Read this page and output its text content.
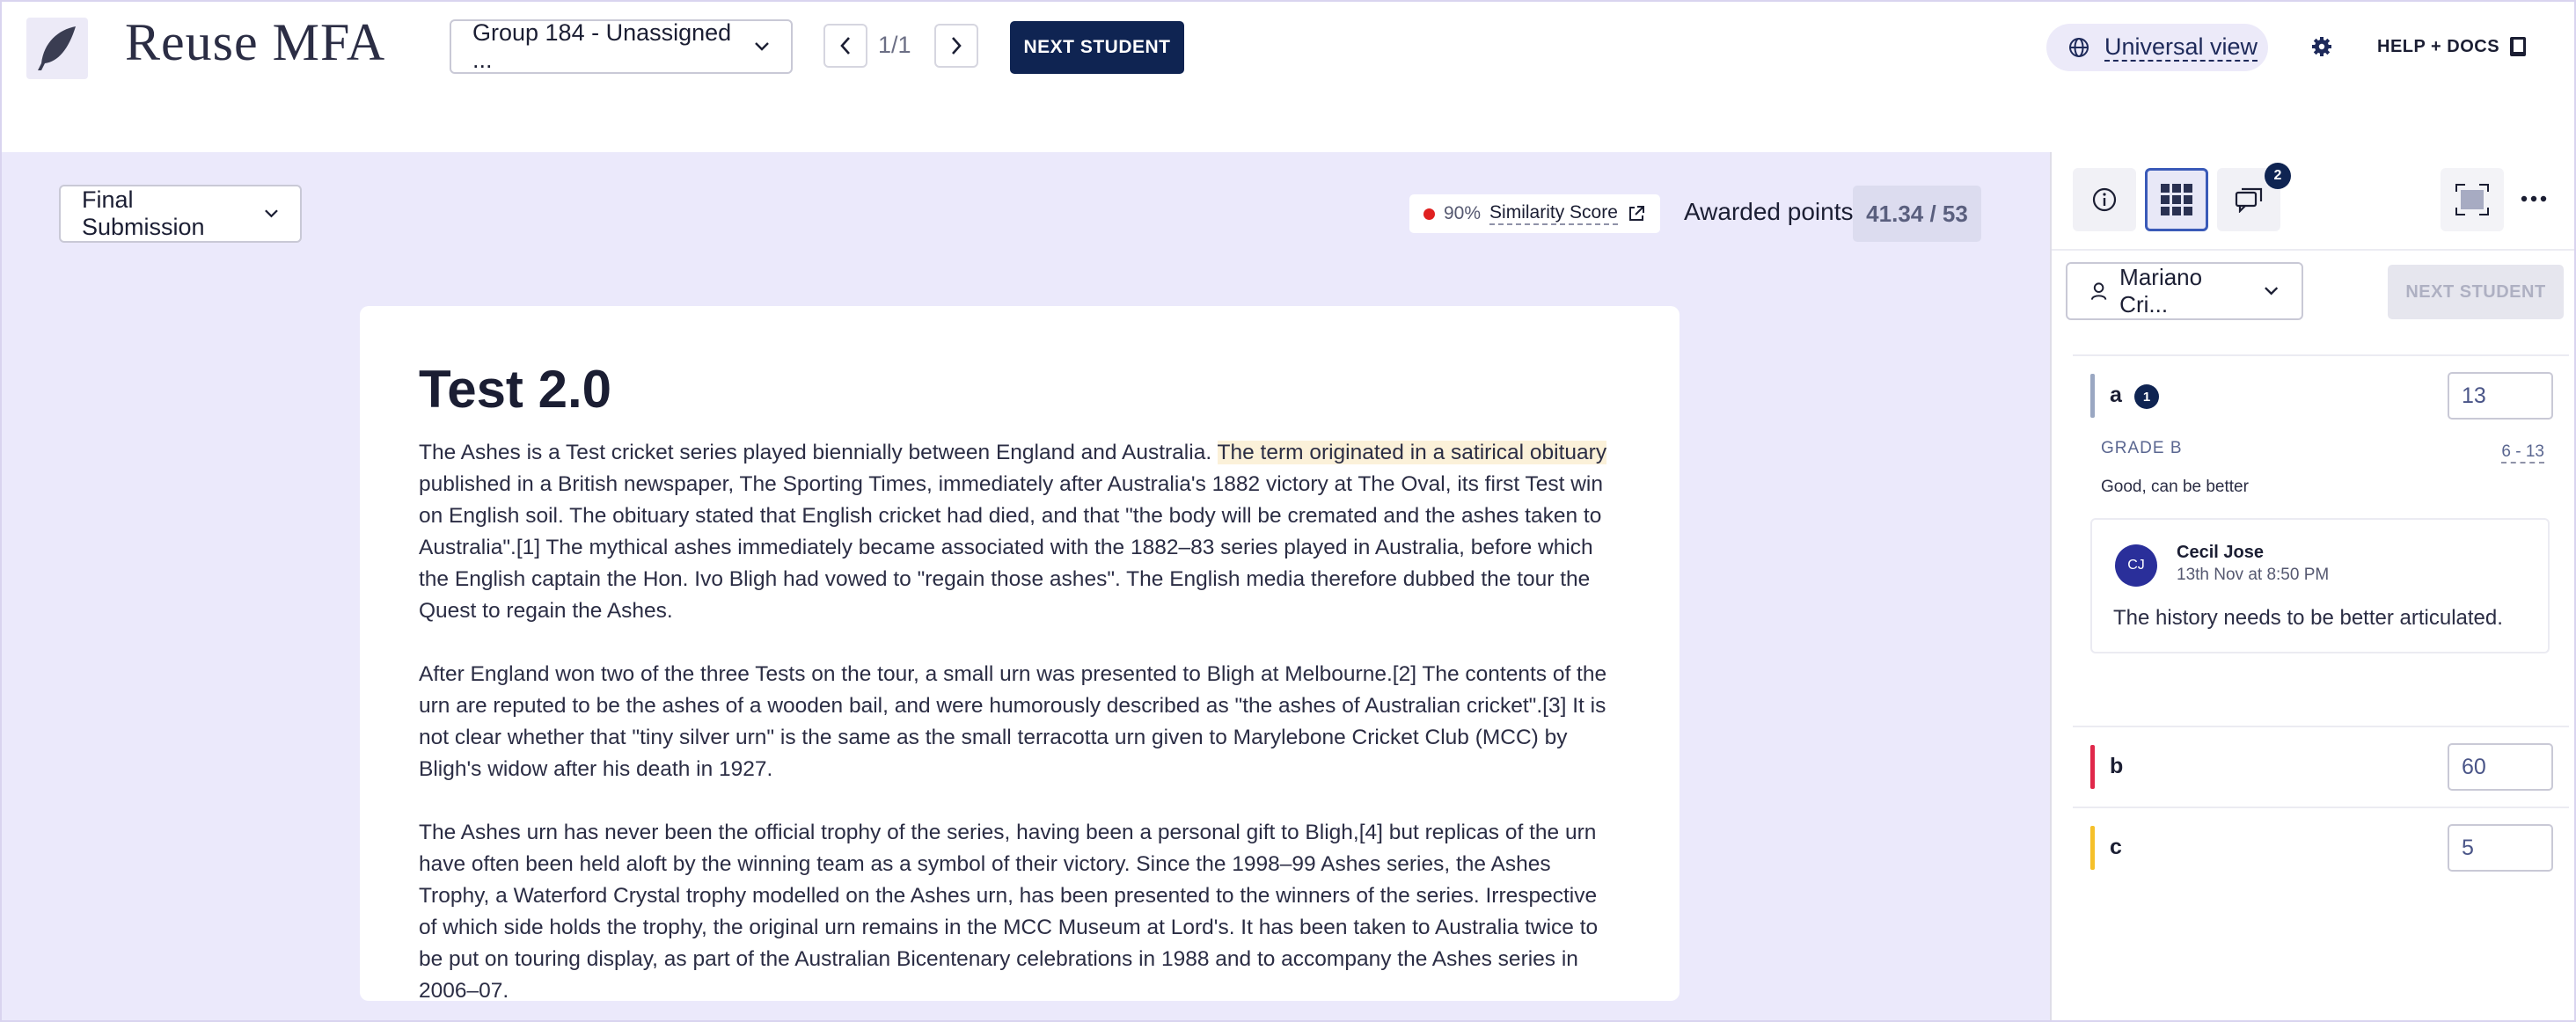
Reuse MFA	Group 184 - Unassigned ...
1/1	NEXT STUDENT	Universal view	HELP + DOCS
Final Submission
90% Similarity Score	Awarded points 41.34 / 53
Test 2.0

The Ashes is a Test cricket series played biennially between England and Australia. The term originated in a satirical obituary published in a British newspaper, The Sporting Times, immediately after Australia's 1882 victory at The Oval, its first Test win on English soil. The obituary stated that English cricket had died, and that "the body will be cremated and the ashes taken to Australia".[1] The mythical ashes immediately became associated with the 1882–83 series played in Australia, before which the English captain the Hon. Ivo Bligh had vowed to "regain those ashes". The English media therefore dubbed the tour the Quest to regain the Ashes.

After England won two of the three Tests on the tour, a small urn was presented to Bligh at Melbourne.[2] The contents of the urn are reputed to be the ashes of a wooden bail, and were humorously described as "the ashes of Australian cricket".[3] It is not clear whether that "tiny silver urn" is the same as the small terracotta urn given to Marylebone Cricket Club (MCC) by Bligh's widow after his death in 1927.

The Ashes urn has never been the official trophy of the series, having been a personal gift to Bligh,[4] but replicas of the urn have often been held aloft by the winning team as a symbol of their victory. Since the 1998–99 Ashes series, the Ashes Trophy, a Waterford Crystal trophy modelled on the Ashes urn, has been presented to the winners of the series. Irrespective of which side holds the trophy, the original urn remains in the MCC Museum at Lord's. It has been taken to Australia twice to be put on touring display, as part of the Australian Bicentenary celebrations in 1988 and to accompany the Ashes series in 2006–07.

2
Mariano Cri...	NEXT STUDENT
a	1
13
GRADE B	6 - 13
Good, can be better
CJ
Cecil Jose
13th Nov at 8:50 PM
The history needs to be better articulated.
b
60
c
5
